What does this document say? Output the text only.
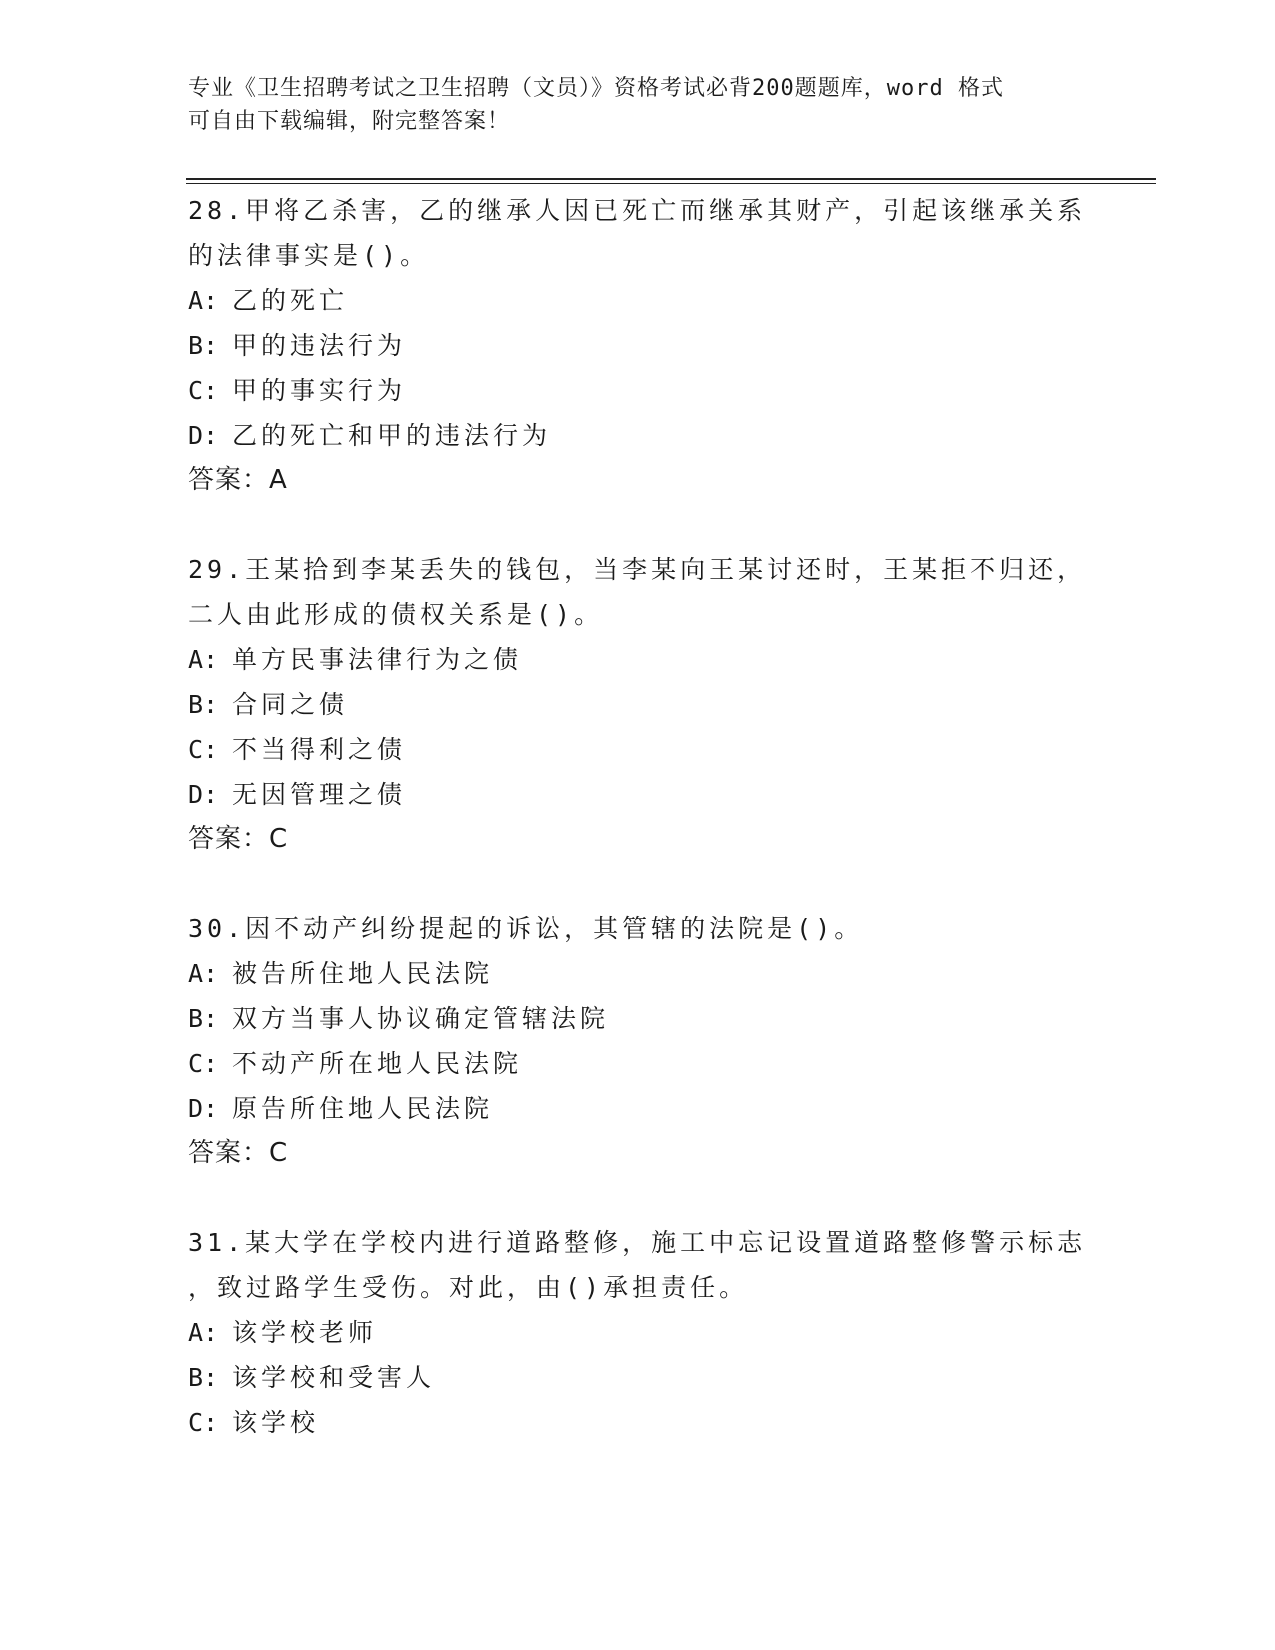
专业《卫生招聘考试之卫生招聘（文员）》资格考试必背200题题库，word 格式
可自由下载编辑，附完整答案！
28.甲将乙杀害，乙的继承人因已死亡而继承其财产，引起该继承关系
的法律事实是()。
A: 乙的死亡
B: 甲的违法行为
C: 甲的事实行为
D: 乙的死亡和甲的违法行为
答案：A
29.王某拾到李某丢失的钱包，当李某向王某讨还时，王某拒不归还，
二人由此形成的债权关系是()。
A: 单方民事法律行为之债
B: 合同之债
C: 不当得利之债
D: 无因管理之债
答案：C
30.因不动产纠纷提起的诉讼，其管辖的法院是()。
A: 被告所住地人民法院
B: 双方当事人协议确定管辖法院
C: 不动产所在地人民法院
D: 原告所住地人民法院
答案：C
31.某大学在学校内进行道路整修，施工中忘记设置道路整修警示标志
，致过路学生受伤。对此，由()承担责任。
A: 该学校老师
B: 该学校和受害人
C: 该学校
